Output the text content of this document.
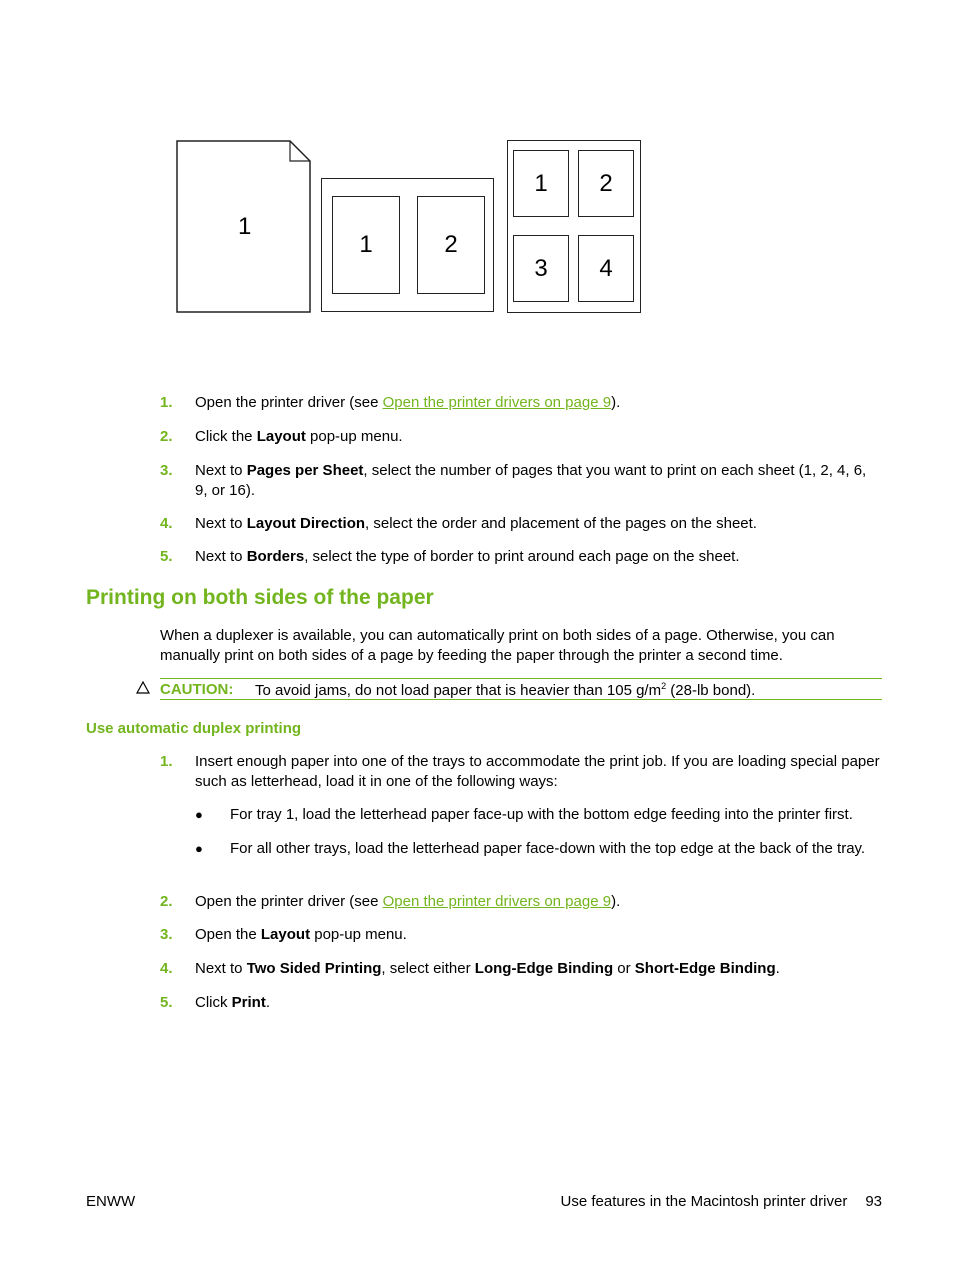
1
1	2
1	2
3	4
1. Open the printer driver (see Open the printer drivers on page 9).
2. Click the Layout pop-up menu.
3. Next to Pages per Sheet, select the number of pages that you want to print on each sheet (1, 2, 4, 6, 9, or 16).
4. Next to Layout Direction, select the order and placement of the pages on the sheet.
5. Next to Borders, select the type of border to print around each page on the sheet.
Printing on both sides of the paper
When a duplexer is available, you can automatically print on both sides of a page. Otherwise, you can manually print on both sides of a page by feeding the paper through the printer a second time.
CAUTION: To avoid jams, do not load paper that is heavier than 105 $g/m^2$ (28-lb bond).
Use automatic duplex printing
1. Insert enough paper into one of the trays to accommodate the print job. If you are loading special paper such as letterhead, load it in one of the following ways:
● For tray 1, load the letterhead paper face-up with the bottom edge feeding into the printer first.
● For all other trays, load the letterhead paper face-down with the top edge at the back of the tray.
2. Open the printer driver (see Open the printer drivers on page 9).
3. Open the Layout pop-up menu.
4. Next to Two Sided Printing, select either Long-Edge Binding or Short-Edge Binding.
5. Click Print.
ENWW	Use features in the Macintosh printer driver 93
